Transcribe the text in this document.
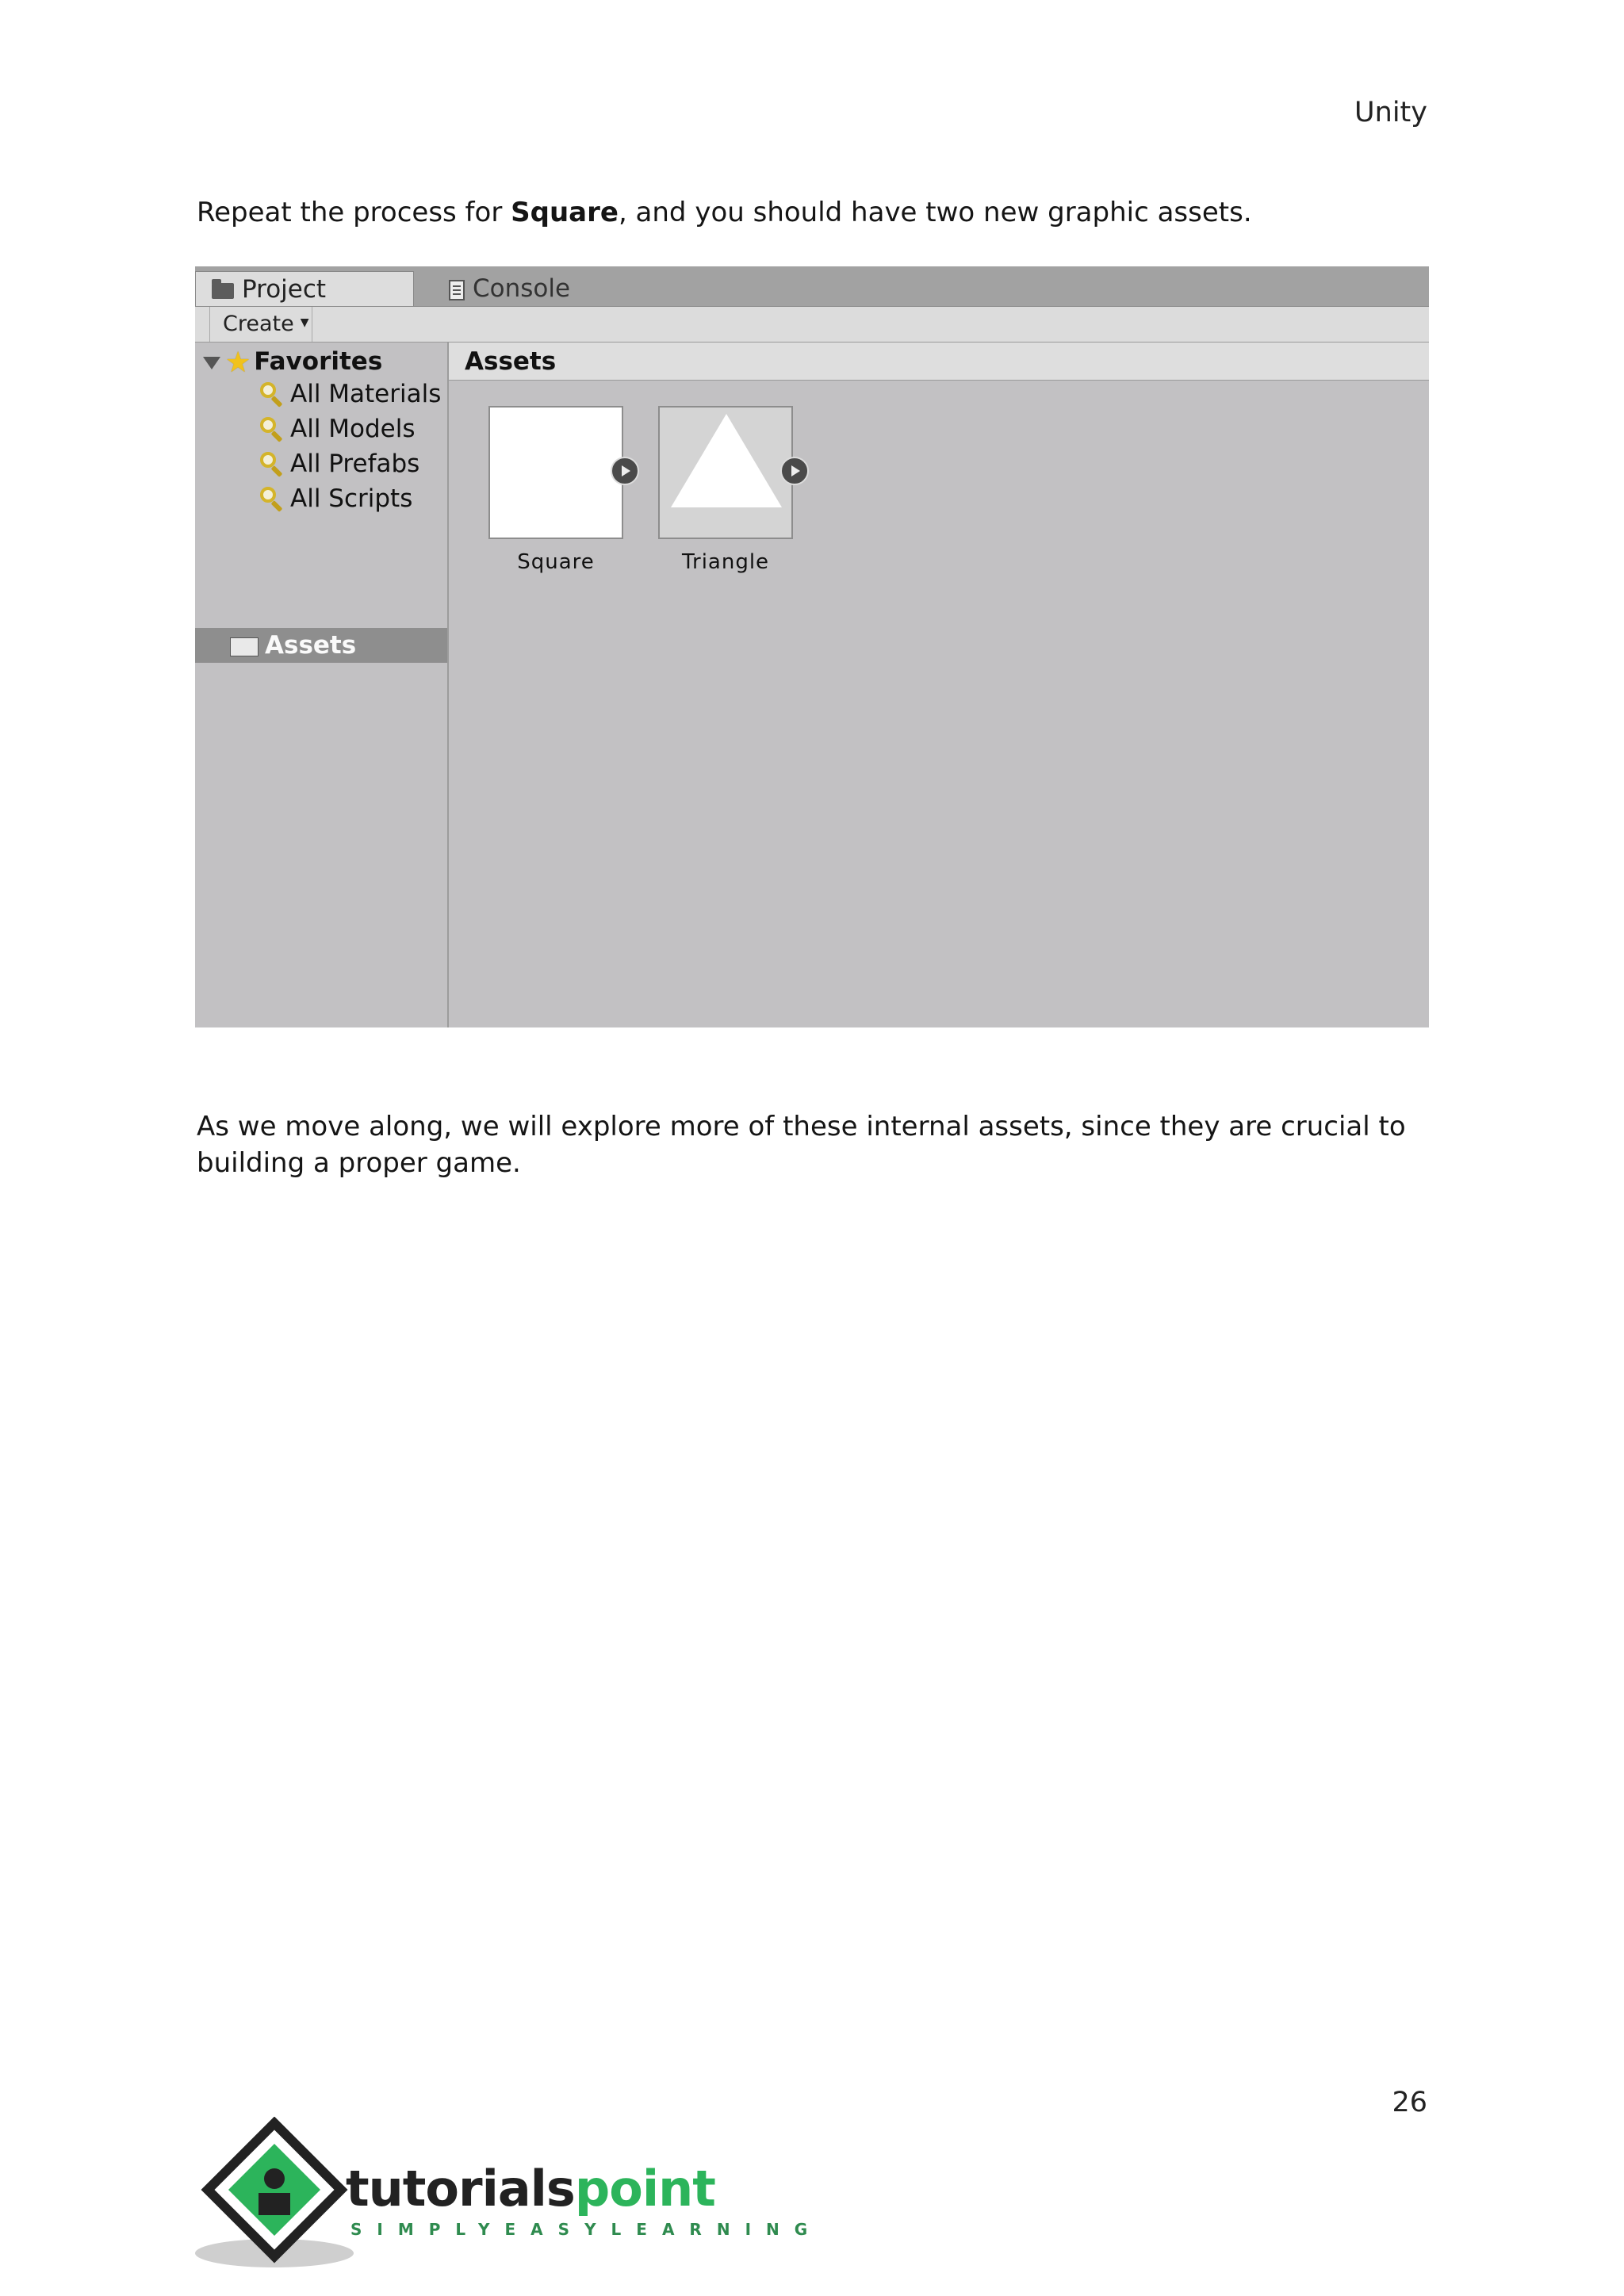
Unity

Repeat the process for Square, and you should have two new graphic assets.

Project	Console
Create ▼
★ Favorites
All Materials
All Models
All Prefabs
All Scripts
Assets
Assets
Square	Triangle

As we move along, we will explore more of these internal assets, since they are crucial to building a proper game.

26
tutorialspoint
SIMPLYEASYLEARNING
